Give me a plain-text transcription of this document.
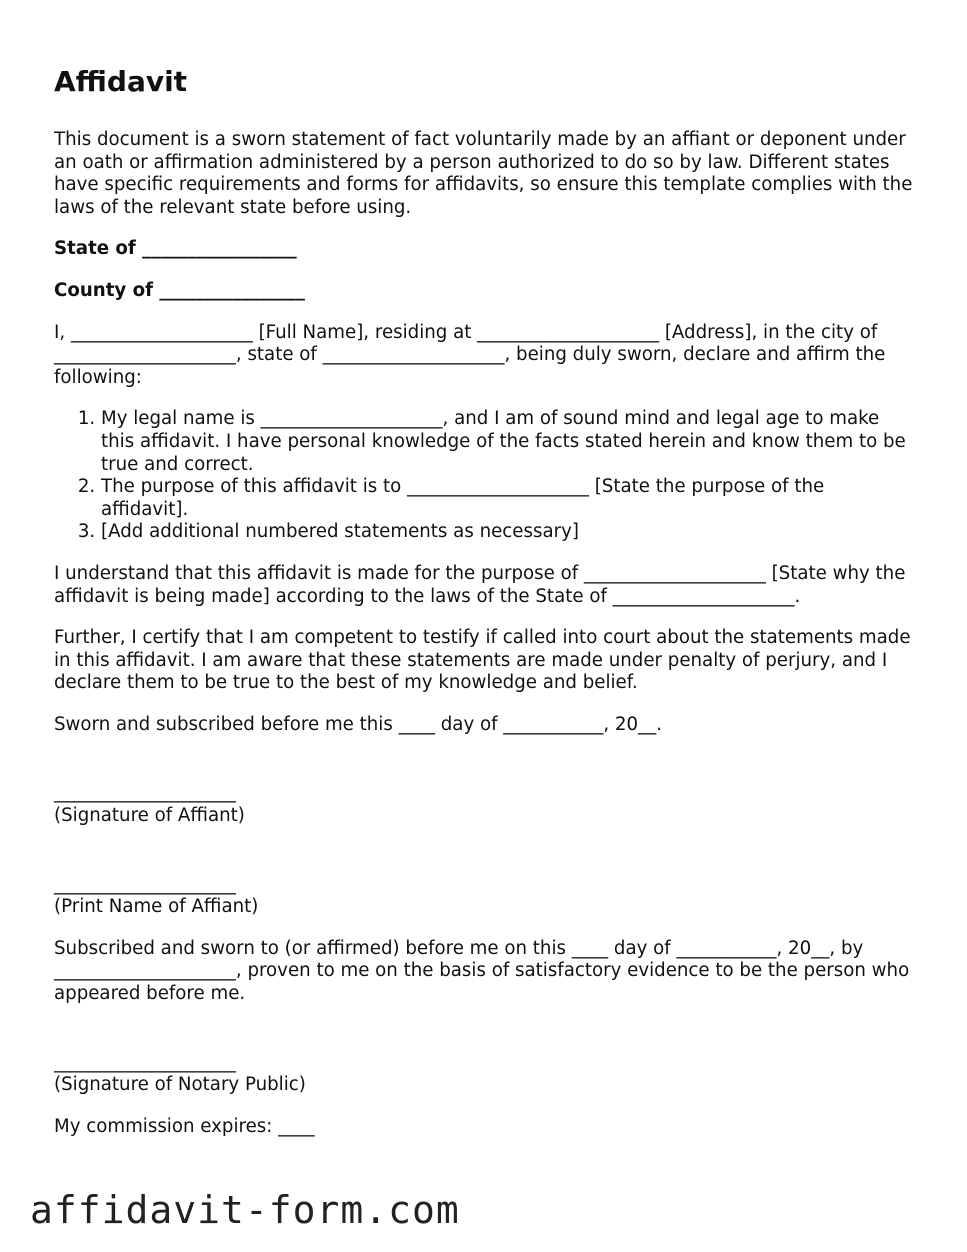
Affidavit

This document is a sworn statement of fact voluntarily made by an affiant or deponent under an oath or affirmation administered by a person authorized to do so by law. Different states have specific requirements and forms for affidavits, so ensure this template complies with the laws of the relevant state before using.

State of _________________

County of ________________

I, ____________________ [Full Name], residing at ____________________ [Address], in the city of ____________________, state of ____________________, being duly sworn, declare and affirm the following:

1. My legal name is ____________________, and I am of sound mind and legal age to make this affidavit. I have personal knowledge of the facts stated herein and know them to be true and correct.
2. The purpose of this affidavit is to ____________________ [State the purpose of the affidavit].
3. [Add additional numbered statements as necessary]

I understand that this affidavit is made for the purpose of ____________________ [State why the affidavit is being made] according to the laws of the State of ____________________.

Further, I certify that I am competent to testify if called into court about the statements made in this affidavit. I am aware that these statements are made under penalty of perjury, and I declare them to be true to the best of my knowledge and belief.

Sworn and subscribed before me this ____ day of ___________, 20__.

____________________

(Signature of Affiant)

____________________

(Print Name of Affiant)

Subscribed and sworn to (or affirmed) before me on this ____ day of ___________, 20__, by ____________________, proven to me on the basis of satisfactory evidence to be the person who appeared before me.

____________________

(Signature of Notary Public)

My commission expires: ____

affidavit-form.com
